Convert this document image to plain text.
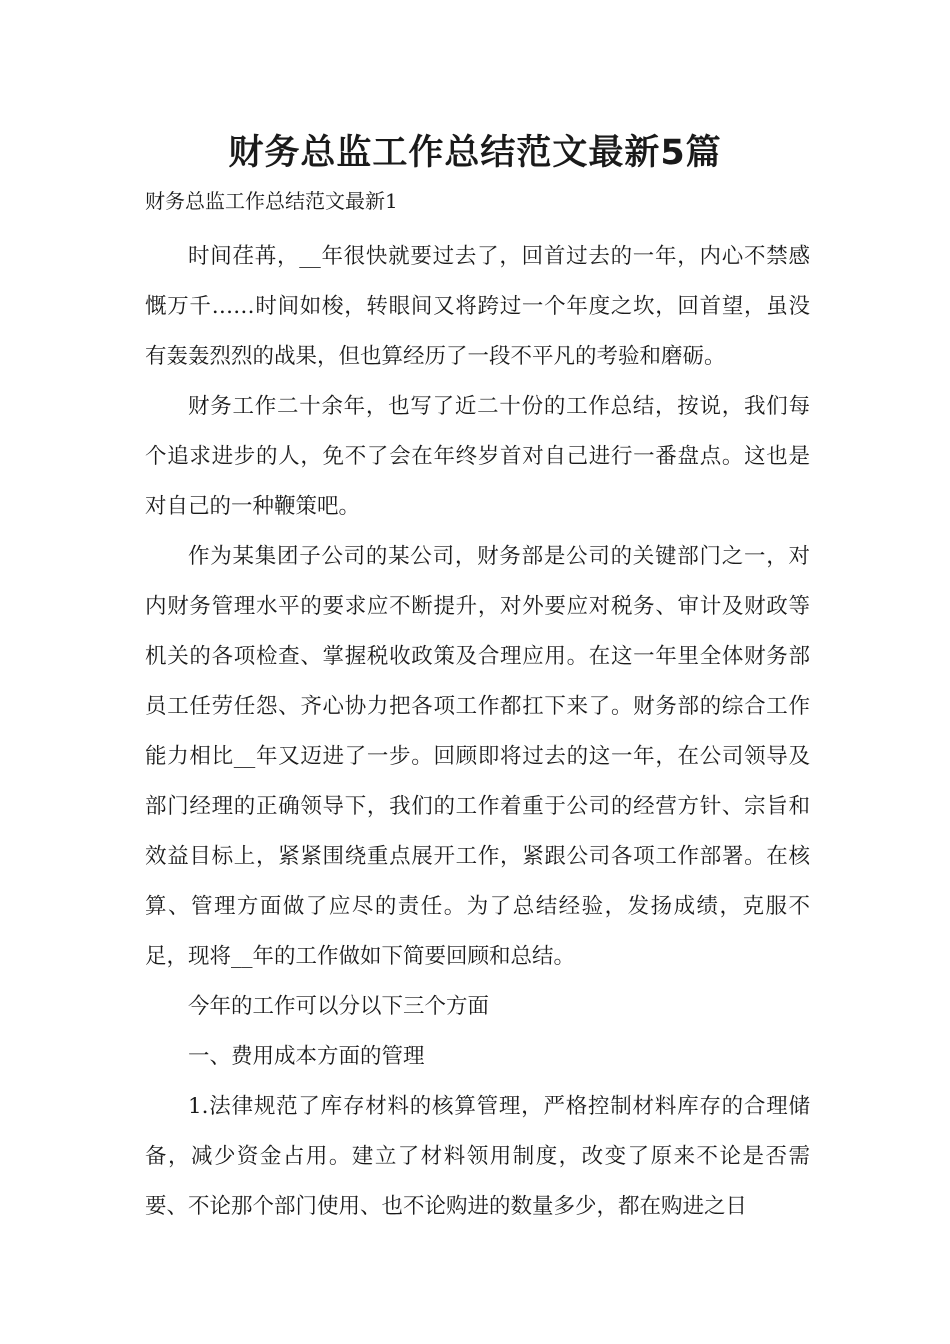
财务总监工作总结范文最新5篇

财务总监工作总结范文最新1

时间荏苒，__年很快就要过去了，回首过去的一年，内心不禁感慨万千……时间如梭，转眼间又将跨过一个年度之坎，回首望，虽没有轰轰烈烈的战果，但也算经历了一段不平凡的考验和磨砺。

财务工作二十余年，也写了近二十份的工作总结，按说，我们每个追求进步的人，免不了会在年终岁首对自己进行一番盘点。这也是对自己的一种鞭策吧。

作为某集团子公司的某公司，财务部是公司的关键部门之一，对内财务管理水平的要求应不断提升，对外要应对税务、审计及财政等机关的各项检查、掌握税收政策及合理应用。在这一年里全体财务部员工任劳任怨、齐心协力把各项工作都扛下来了。财务部的综合工作能力相比__年又迈进了一步。回顾即将过去的这一年，在公司领导及部门经理的正确领导下，我们的工作着重于公司的经营方针、宗旨和效益目标上，紧紧围绕重点展开工作，紧跟公司各项工作部署。在核算、管理方面做了应尽的责任。为了总结经验，发扬成绩，克服不足，现将__年的工作做如下简要回顾和总结。

今年的工作可以分以下三个方面

一、费用成本方面的管理

1.法律规范了库存材料的核算管理，严格控制材料库存的合理储备，减少资金占用。建立了材料领用制度，改变了原来不论是否需要、不论那个部门使用、也不论购进的数量多少，都在购进之日
